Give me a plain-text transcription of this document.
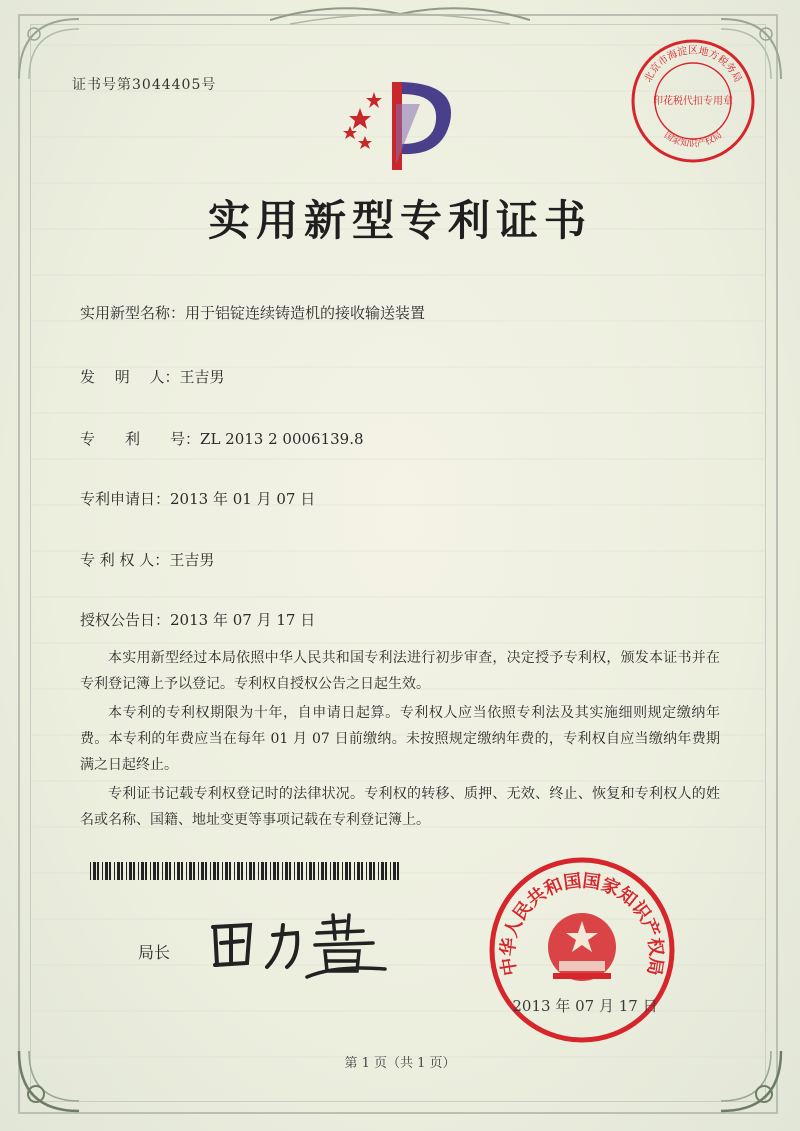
证书号第3044405号
实用新型专利证书
实用新型名称：用于铝锭连续铸造机的接收输送装置
发　 明　 人：王吉男
专　　利　　号：ZL 2013 2 0006139.8
专利申请日：2013 年 01 月 07 日
专 利 权 人：王吉男
授权公告日：2013 年 07 月 17 日

本实用新型经过本局依照中华人民共和国专利法进行初步审查，决定授予专利权，颁发本证书并在专利登记簿上予以登记。专利权自授权公告之日起生效。

本专利的专利权期限为十年，自申请日起算。专利权人应当依照专利法及其实施细则规定缴纳年费。本专利的年费应当在每年 01 月 07 日前缴纳。未按照规定缴纳年费的，专利权自应当缴纳年费期满之日起终止。

专利证书记载专利权登记时的法律状况。专利权的转移、质押、无效、终止、恢复和专利权人的姓名或名称、国籍、地址变更等事项记载在专利登记簿上。

局长
中华人民共和国国家知识产权局
2013 年 07 月 17 日
北京市海淀区地方税务局
国家知识产权局
印花税代扣专用章
第 1 页（共 1 页）
